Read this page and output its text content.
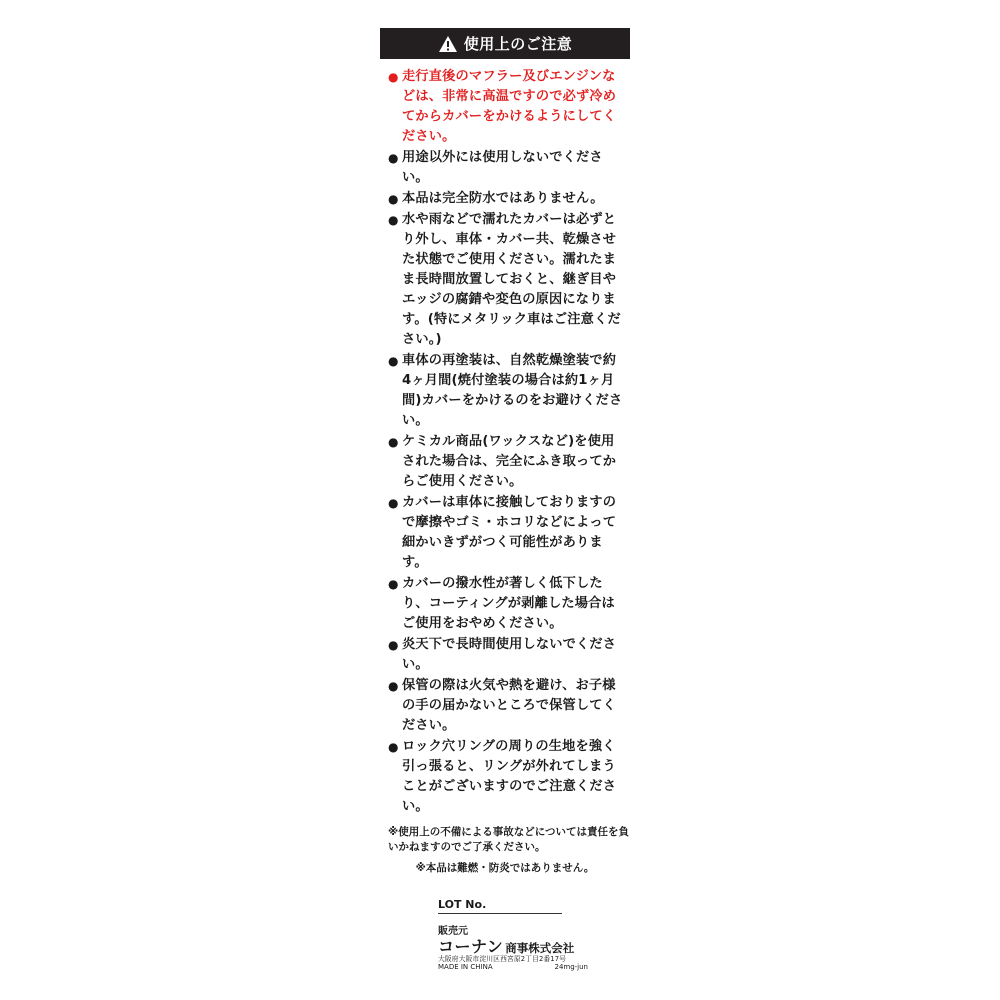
使用上のご注意
● 走行直後のマフラー及びエンジンなどは、非常に高温ですので必ず冷めてからカバーをかけるようにしてください。
● 用途以外には使用しないでください。
● 本品は完全防水ではありません。
● 水や雨などで濡れたカバーは必ずとり外し、車体・カバー共、乾燥させた状態でご使用ください。濡れたまま長時間放置しておくと、継ぎ目やエッジの腐錆や変色の原因になります。(特にメタリック車はご注意ください。)
● 車体の再塗装は、自然乾燥塗装で約4ヶ月間(焼付塗装の場合は約1ヶ月間)カバーをかけるのをお避けください。
● ケミカル商品(ワックスなど)を使用された場合は、完全にふき取ってからご使用ください。
● カバーは車体に接触しておりますので摩擦やゴミ・ホコリなどによって細かいきずがつく可能性があります。
● カバーの撥水性が著しく低下したり、コーティングが剥離した場合はご使用をおやめください。
● 炎天下で長時間使用しないでください。
● 保管の際は火気や熱を避け、お子様の手の届かないところで保管してください。
● ロック穴リングの周りの生地を強く引っ張ると、リングが外れてしまうことがございますのでご注意ください。
※使用上の不備による事故などについては責任を負いかねますのでご了承ください。
※本品は難燃・防炎ではありません。
LOT No.
販売元
コーナン 商事株式会社
大阪府大阪市淀川区西宮原2丁目2番17号
MADE IN CHINA	24mg-jun
